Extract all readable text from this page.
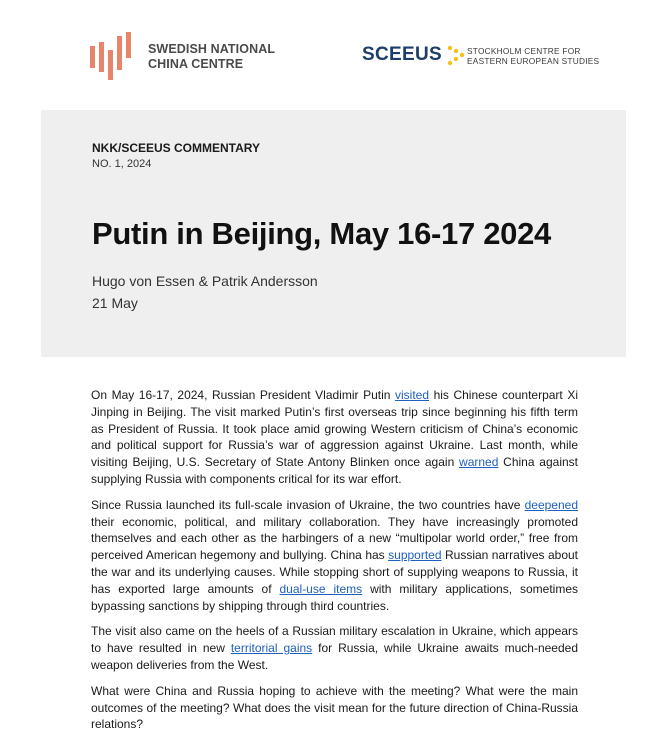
SWEDISH NATIONAL
CHINA CENTRE	SCEEUS	STOCKHOLM CENTRE FOR
EASTERN EUROPEAN STUDIES
NKK/SCEEUS COMMENTARY
NO. 1, 2024
Putin in Beijing, May 16-17 2024
Hugo von Essen & Patrik Andersson
21 May

On May 16-17, 2024, Russian President Vladimir Putin visited his Chinese counterpart Xi Jinping in Beijing. The visit marked Putin’s first overseas trip since beginning his fifth term as President of Russia. It took place amid growing Western criticism of China’s economic and political support for Russia’s war of aggression against Ukraine. Last month, while visiting Beijing, U.S. Secretary of State Antony Blinken once again warned China against supplying Russia with components critical for its war effort.

Since Russia launched its full-scale invasion of Ukraine, the two countries have deepened their economic, political, and military collaboration. They have increasingly promoted themselves and each other as the harbingers of a new “multipolar world order,” free from perceived American hegemony and bullying. China has supported Russian narratives about the war and its underlying causes. While stopping short of supplying weapons to Russia, it has exported large amounts of dual-use items with military applications, sometimes bypassing sanctions by shipping through third countries.

The visit also came on the heels of a Russian military escalation in Ukraine, which appears to have resulted in new territorial gains for Russia, while Ukraine awaits much-needed weapon deliveries from the West.

What were China and Russia hoping to achieve with the meeting? What were the main outcomes of the meeting? What does the visit mean for the future direction of China-Russia relations?
